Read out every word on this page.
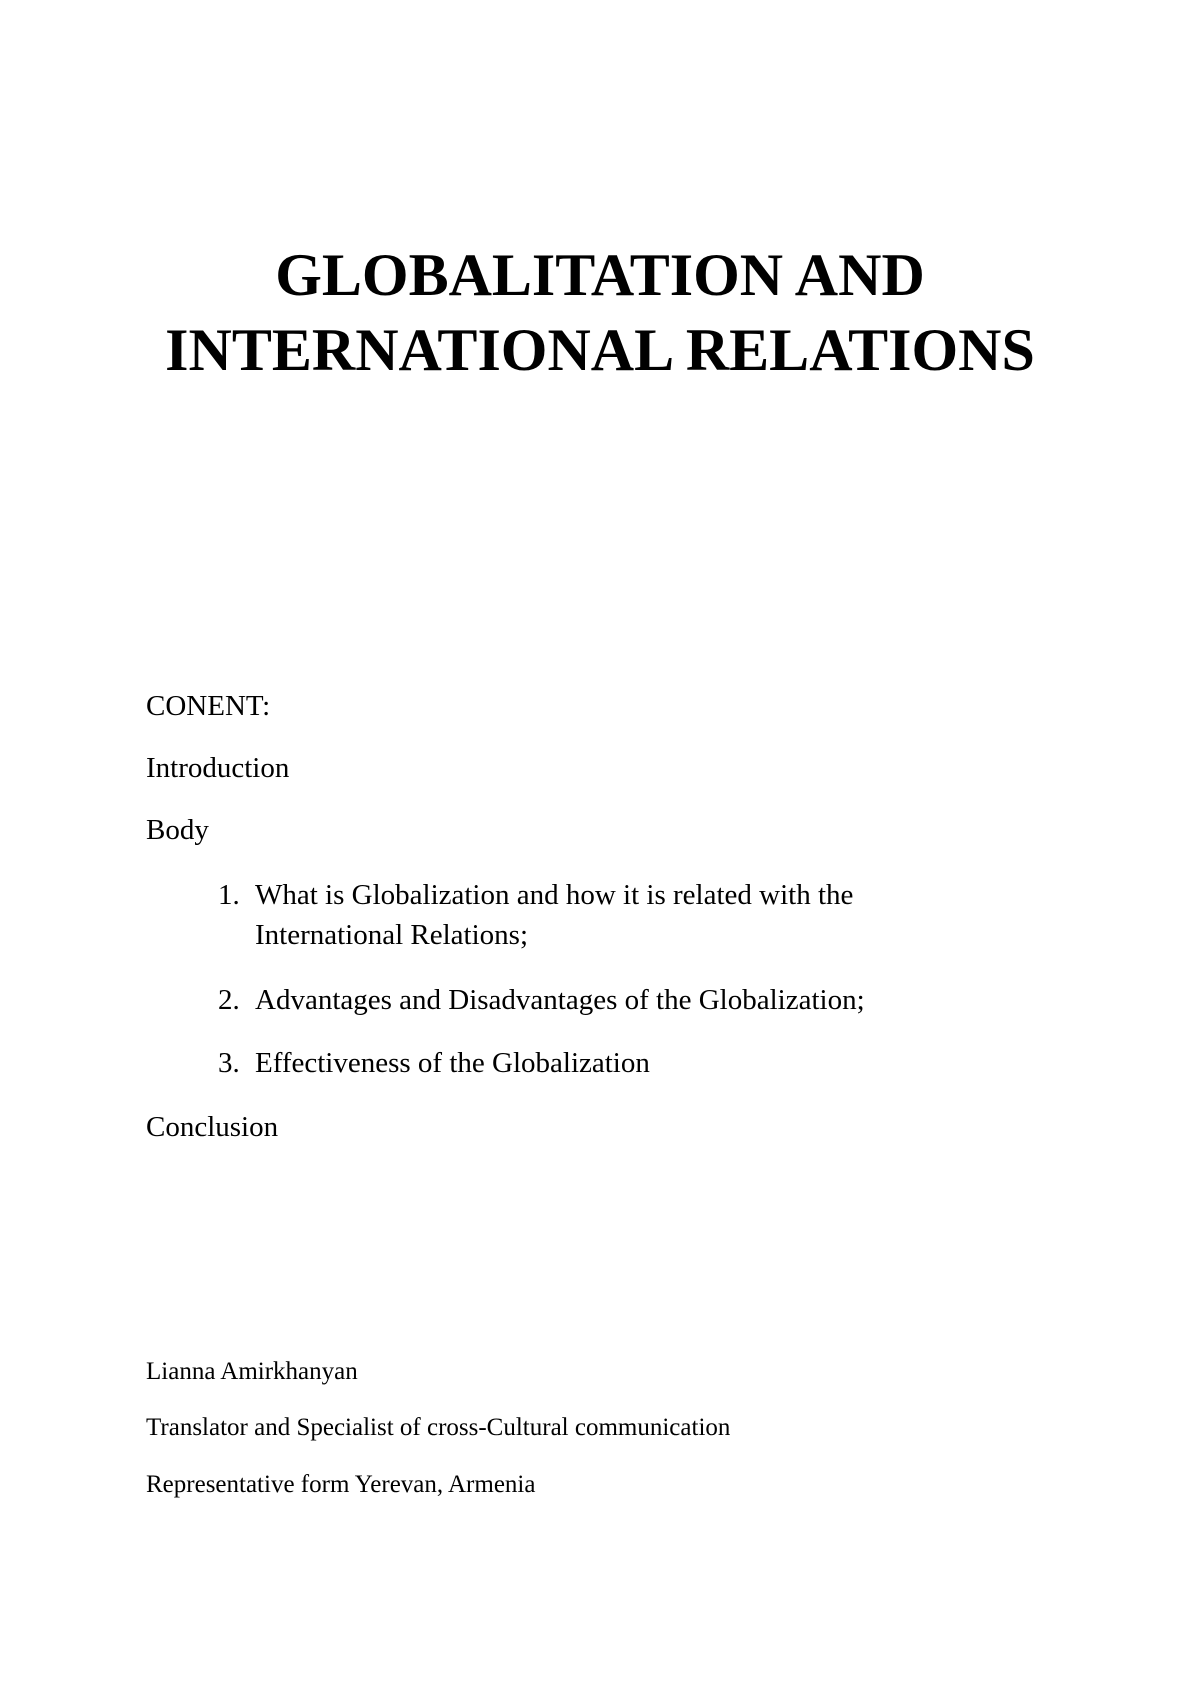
GLOBALITATION AND
INTERNATIONAL RELATIONS

CONENT:

Introduction

Body

1. What is Globalization and how it is related with the International Relations;
2. Advantages and Disadvantages of the Globalization;
3. Effectiveness of the Globalization

Conclusion

Lianna Amirkhanyan

Translator and Specialist of cross-Cultural communication

Representative form Yerevan, Armenia
